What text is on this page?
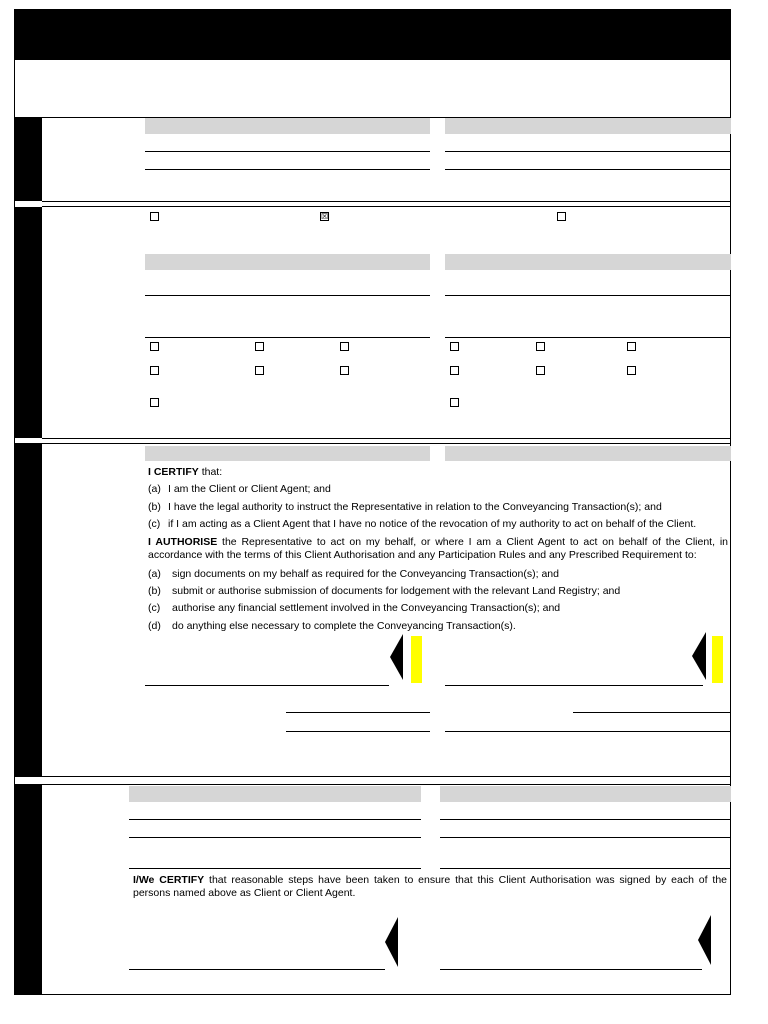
☒
I CERTIFY that:
(a) I am the Client or Client Agent; and
(b) I have the legal authority to instruct the Representative in relation to the Conveyancing Transaction(s); and
(c) if I am acting as a Client Agent that I have no notice of the revocation of my authority to act on behalf of the Client.
I AUTHORISE the Representative to act on my behalf, or where I am a Client Agent to act on behalf of the Client, in accordance with the terms of this Client Authorisation and any Participation Rules and any Prescribed Requirement to:
(a) sign documents on my behalf as required for the Conveyancing Transaction(s); and
(b) submit or authorise submission of documents for lodgement with the relevant Land Registry; and
(c) authorise any financial settlement involved in the Conveyancing Transaction(s); and
(d) do anything else necessary to complete the Conveyancing Transaction(s).
I/We CERTIFY that reasonable steps have been taken to ensure that this Client Authorisation was signed by each of the persons named above as Client or Client Agent.
